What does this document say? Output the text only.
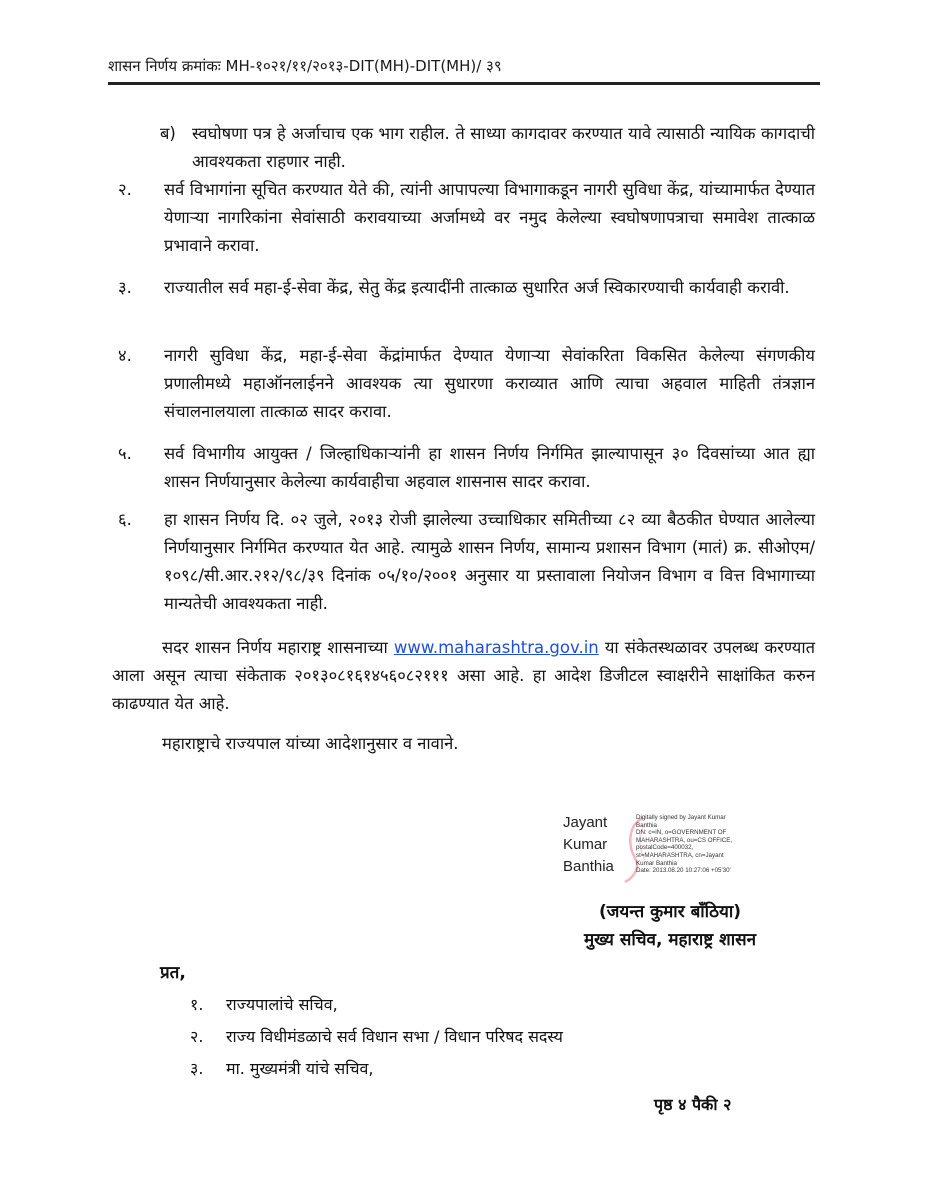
शासन निर्णय क्रमांकः MH-१०२१/११/२०१३-DIT(MH)-DIT(MH)/ ३९
ब) स्वघोषणा पत्र हे अर्जाचाच एक भाग राहील. ते साध्या कागदावर करण्यात यावे त्यासाठी न्यायिक कागदाची आवश्यकता राहणार नाही.
२. सर्व विभागांना सूचित करण्यात येते की, त्यांनी आपापल्या विभागाकडून नागरी सुविधा केंद्र, यांच्यामार्फत देण्यात येणाऱ्या नागरिकांना सेवांसाठी करावयाच्या अर्जामध्ये वर नमुद केलेल्या स्वघोषणापत्राचा समावेश तात्काळ प्रभावाने करावा.
३. राज्यातील सर्व महा-ई-सेवा केंद्र, सेतु केंद्र इत्यादींनी तात्काळ सुधारित अर्ज स्विकारण्याची कार्यवाही करावी.
४. नागरी सुविधा केंद्र, महा-ई-सेवा केंद्रांमार्फत देण्यात येणाऱ्या सेवांकरिता विकसित केलेल्या संगणकीय प्रणालीमध्ये महाऑनलाईनने आवश्यक त्या सुधारणा कराव्यात आणि त्याचा अहवाल माहिती तंत्रज्ञान संचालनालयाला तात्काळ सादर करावा.
५. सर्व विभागीय आयुक्त / जिल्हाधिकाऱ्यांनी हा शासन निर्णय निर्गमित झाल्यापासून ३० दिवसांच्या आत ह्या शासन निर्णयानुसार केलेल्या कार्यवाहीचा अहवाल शासनास सादर करावा.
६. हा शासन निर्णय दि. ०२ जुले, २०१३ रोजी झालेल्या उच्चाधिकार समितीच्या ८२ व्या बैठकीत घेण्यात आलेल्या निर्णयानुसार निर्गमित करण्यात येत आहे. त्यामुळे शासन निर्णय, सामान्य प्रशासन विभाग (मातं) क्र. सीओएम/१०९८/सी.आर.२१२/९८/३९ दिनांक ०५/१०/२००१ अनुसार या प्रस्तावाला नियोजन विभाग व वित्त विभागाच्या मान्यतेची आवश्यकता नाही.
सदर शासन निर्णय महाराष्ट्र शासनाच्या www.maharashtra.gov.in या संकेतस्थळावर उपलब्ध करण्यात आला असून त्याचा संकेताक २०१३०८१६१४५६०८२१११ असा आहे. हा आदेश डिजीटल स्वाक्षरीने साक्षांकित करुन काढण्यात येत आहे.
महाराष्ट्राचे राज्यपाल यांच्या आदेशानुसार व नावाने.
Jayant
Kumar
Banthia
Digitally signed by Jayant Kumar
Banthia
DN: c=IN, o=GOVERNMENT OF
MAHARASHTRA, ou=CS OFFICE,
postalCode=400032,
st=MAHARASHTRA, cn=Jayant
Kumar Banthia
Date: 2013.08.20 10:27:06 +05'30'
(जयन्त कुमार बाँठिया)
मुख्य सचिव, महाराष्ट्र शासन
प्रत,
१. राज्यपालांचे सचिव,
२. राज्य विधीमंडळाचे सर्व विधान सभा / विधान परिषद सदस्य
३. मा. मुख्यमंत्री यांचे सचिव,
पृष्ठ ४ पैकी २
